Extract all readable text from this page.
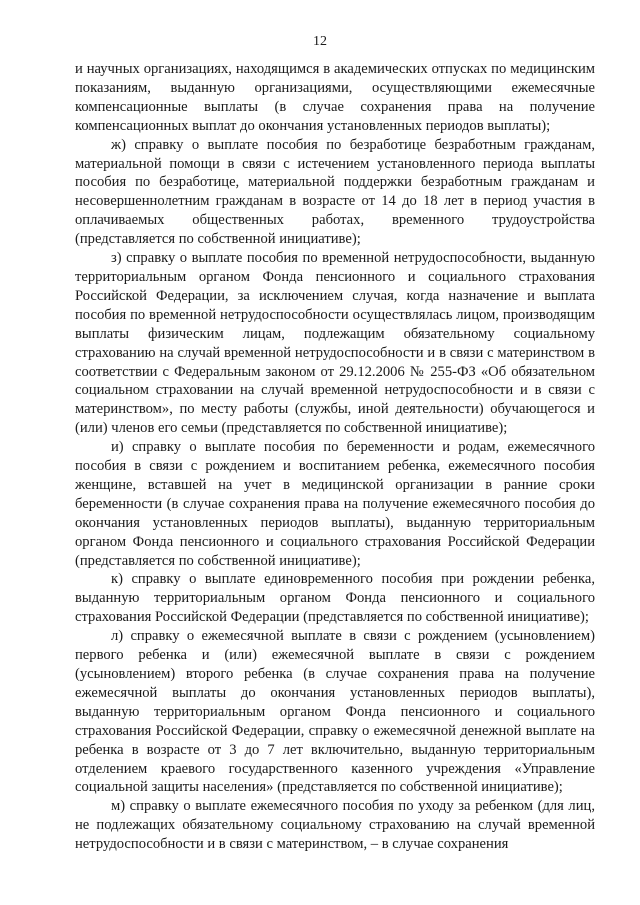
12

и научных организациях, находящимся в академических отпусках по медицинским показаниям, выданную организациями, осуществляющими ежемесячные компенсационные выплаты (в случае сохранения права на получение компенсационных выплат до окончания установленных периодов выплаты);

ж) справку о выплате пособия по безработице безработным гражданам, материальной помощи в связи с истечением установленного периода выплаты пособия по безработице, материальной поддержки безработным гражданам и несовершеннолетним гражданам в возрасте от 14 до 18 лет в период участия в оплачиваемых общественных работах, временного трудоустройства (представляется по собственной инициативе);

з) справку о выплате пособия по временной нетрудоспособности, выданную территориальным органом Фонда пенсионного и социального страхования Российской Федерации, за исключением случая, когда назначение и выплата пособия по временной нетрудоспособности осуществлялась лицом, производящим выплаты физическим лицам, подлежащим обязательному социальному страхованию на случай временной нетрудоспособности и в связи с материнством в соответствии с Федеральным законом от 29.12.2006 № 255-ФЗ «Об обязательном социальном страховании на случай временной нетрудоспособности и в связи с материнством», по месту работы (службы, иной деятельности) обучающегося и (или) членов его семьи (представляется по собственной инициативе);

и) справку о выплате пособия по беременности и родам, ежемесячного пособия в связи с рождением и воспитанием ребенка, ежемесячного пособия женщине, вставшей на учет в медицинской организации в ранние сроки беременности (в случае сохранения права на получение ежемесячного пособия до окончания установленных периодов выплаты), выданную территориальным органом Фонда пенсионного и социального страхования Российской Федерации (представляется по собственной инициативе);

к) справку о выплате единовременного пособия при рождении ребенка, выданную территориальным органом Фонда пенсионного и социального страхования Российской Федерации (представляется по собственной инициативе);

л) справку о ежемесячной выплате в связи с рождением (усыновлением) первого ребенка и (или) ежемесячной выплате в связи с рождением (усыновлением) второго ребенка (в случае сохранения права на получение ежемесячной выплаты до окончания установленных периодов выплаты), выданную территориальным органом Фонда пенсионного и социального страхования Российской Федерации, справку о ежемесячной денежной выплате на ребенка в возрасте от 3 до 7 лет включительно, выданную территориальным отделением краевого государственного казенного учреждения «Управление социальной защиты населения» (представляется по собственной инициативе);

м) справку о выплате ежемесячного пособия по уходу за ребенком (для лиц, не подлежащих обязательному социальному страхованию на случай временной нетрудоспособности и в связи с материнством, – в случае сохранения
